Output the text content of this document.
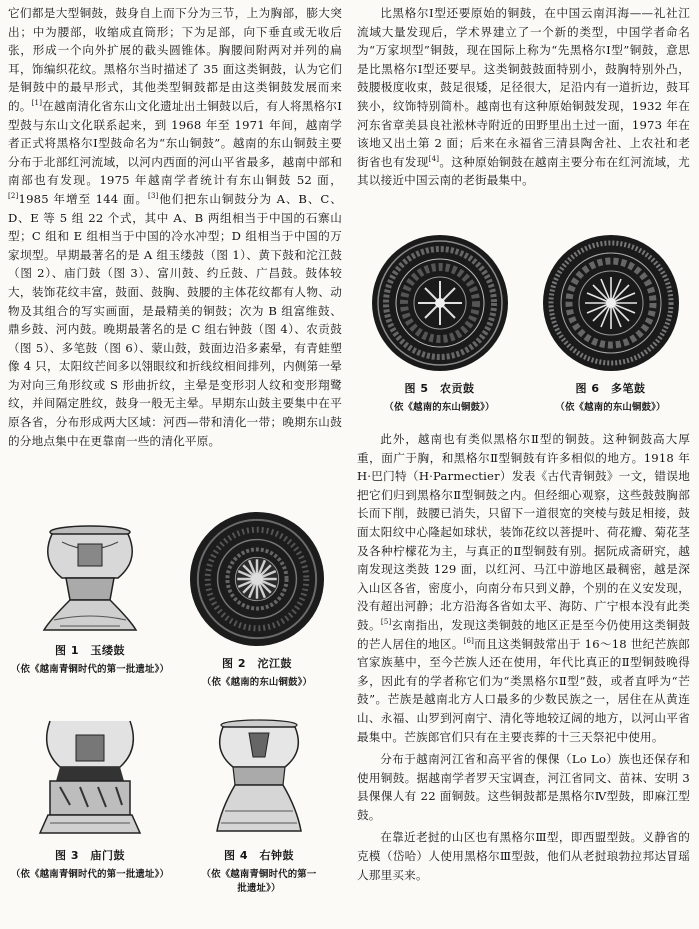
它们都是大型铜鼓，鼓身自上而下分为三节，上为胸部，膨大突出；中为腰部，收缩成直筒形；下为足部，向下垂直或无收后张，形成一个向外扩展的截头圆锥体。胸腰间附两对并列的扁耳，饰编织花纹。黑格尔当时描述了 35 面这类铜鼓，认为它们是铜鼓中的最早形式，其他类型铜鼓都是由这类铜鼓发展而来的。[1]在越南清化省东山文化遗址出土铜鼓以后，有人将黑格尔Ⅰ型鼓与东山文化联系起来，到 1968 年至 1971 年间，越南学者正式将黑格尔Ⅰ型鼓命名为“东山铜鼓”。越南的东山铜鼓主要分布于北部红河流域，以河内西面的河山平省最多，越南中部和南部也有发现。1975 年越南学者统计有东山铜鼓 52 面，[2]1985 年增至 144 面。[3]他们把东山铜鼓分为 A、B、C、D、E 等 5 组 22 个式，其中 A、B 两组相当于中国的石寨山型；C 组和 E 组相当于中国的冷水冲型；D 组相当于中国的万家坝型。早期最著名的是 A 组玉缕鼓（图 1）、黄下鼓和沱江鼓（图 2）、庙门鼓（图 3）、富川鼓、约丘鼓、广昌鼓。鼓体较大，装饰花纹丰富，鼓面、鼓胸、鼓腰的主体花纹都有人物、动物及其组合的写实画面，是最精美的铜鼓；次为 B 组富维鼓、鼎乡鼓、河内鼓。晚期最著名的是 C 组右钟鼓（图 4）、农贡鼓（图 5）、多笔鼓（图 6）、蒙山鼓，鼓面边沿多素晕，有青蛙塑像 4 只，太阳纹芒间多以翎眼纹和折线纹相间排列，内侧第一晕为对向三角形纹或 S 形曲折纹，主晕是变形羽人纹和变形翔鹭纹，并间隔定胜纹，鼓身一般无主晕。早期东山鼓主要集中在平原各省，分布形成两大区域：河西—带和清化一带；晚期东山鼓的分地点集中在更靠南一些的清化平原。

比黑格尔Ⅰ型还要原始的铜鼓，在中国云南洱海——礼社江流域大量发现后，学术界建立了一个新的类型，中国学者命名为“万家坝型”铜鼓，现在国际上称为“先黑格尔Ⅰ型”铜鼓，意思是比黑格尔Ⅰ型还要早。这类铜鼓鼓面特别小，鼓胸特别外凸，鼓腰极度收束，鼓足很矮，足径很大，足沿内有一道折边，鼓耳狭小，纹饰特别简朴。越南也有这种原始铜鼓发现，1932 年在河东省章美县良社淞林寺附近的田野里出土过一面，1973 年在该地又出土第 2 面；后来在永福省三清县陶舍社、上农社和老街省也有发现[4]。这种原始铜鼓在越南主要分布在红河流域，尤其以接近中国云南的老街最集中。

此外，越南也有类似黑格尔Ⅱ型的铜鼓。这种铜鼓高大厚重，面广于胸，和黑格尔Ⅱ型铜鼓有许多相似的地方。1918 年 H·巴门特（H·Parmectier）发表《古代青铜鼓》一文，错误地把它们归到黑格尔Ⅱ型铜鼓之内。但经细心观察，这些鼓鼓胸部长而下削，鼓腰已消失，只留下一道很宽的突棱与鼓足相接，鼓面太阳纹中心隆起如球状，装饰花纹以菩提叶、荷花瓣、菊花茎及各种柠檬花为主，与真正的Ⅱ型铜鼓有别。据阮成斋研究，越南发现这类鼓 129 面，以红河、马江中游地区最稠密，越是深入山区各省，密度小，向南分布只到义静，个别的在义安发现，没有超出河静；北方沿海各省如太平、海防、广宁根本没有此类鼓。[5]玄南指出，发现这类铜鼓的地区正是至今仍使用这类铜鼓的芒人居住的地区。[6]而且这类铜鼓常出于 16～18 世纪芒族郎官家族墓中，至今芒族人还在使用，年代比真正的Ⅱ型铜鼓晚得多，因此有的学者称它们为“类黑格尔Ⅱ型”鼓，或者直呼为“芒鼓”。芒族是越南北方人口最多的少数民族之一，居住在从黄连山、永福、山罗到河南宁、清化等地较辽阔的地方，以河山平省最集中。芒族郎官们只有在主要丧葬的十三天祭祀中使用。

分布于越南河江省和高平省的倮倮（Lo Lo）族也还保存和使用铜鼓。据越南学者罗天宝调查，河江省同文、苗袜、安明 3 县倮倮人有 22 面铜鼓。这些铜鼓都是黑格尔Ⅳ型鼓，即麻江型鼓。

在靠近老挝的山区也有黑格尔Ⅲ型，即西盟型鼓。义静省的克模（岱哈）人使用黑格尔Ⅲ型鼓，他们从老挝琅勃拉邦达冒瑶人那里买来。

图 1　玉缕鼓
（依《越南青铜时代的第一批遗址》）	图 2　沱江鼓
（依《越南的东山铜鼓》）
图 3　庙门鼓
（依《越南青铜时代的第一批遗址》）
图 4　右钟鼓
（依《越南青铜时代的第一
批遗址》）
图 5　农贡鼓
（依《越南的东山铜鼓》）
图 6　多笔鼓
（依《越南的东山铜鼓》）
